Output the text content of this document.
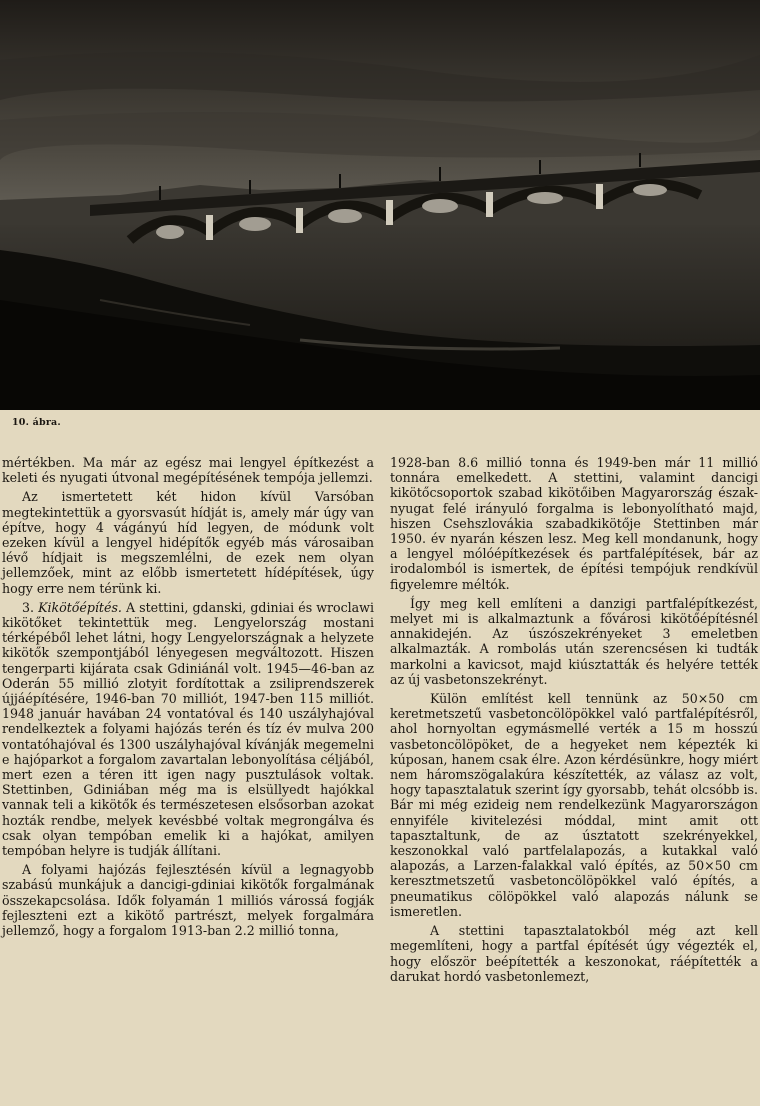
10. ábra.

mértékben. Ma már az egész mai lengyel építkezést a keleti és nyugati útvonal megépítésének tempója jellemzi.

Az ismertetett két hidon kívül Varsóban megtekintettük a gyorsvasút hídját is, amely már úgy van építve, hogy 4 vágányú híd legyen, de módunk volt ezeken kívül a lengyel hidépítők egyéb más városaiban lévő hídjait is megszemlélni, de ezek nem olyan jellemzőek, mint az előbb ismertetett hídépítések, úgy hogy erre nem térünk ki.

3. Kikötőépítés. A stettini, gdanski, gdiniai és wroclawi kikötőket tekintettük meg. Lengyelország mostani térképéből lehet látni, hogy Lengyelországnak a helyzete kikötők szempontjából lényegesen megváltozott. Hiszen tengerparti kijárata csak Gdiniánál volt. 1945—46-ban az Oderán 55 millió zlotyit fordítottak a zsiliprendszerek újjáépítésére, 1946-ban 70 milliót, 1947-ben 115 milliót. 1948 január havában 24 vontatóval és 140 uszályhajóval rendelkeztek a folyami hajózás terén és tíz év mulva 200 vontatóhajóval és 1300 uszályhajóval kívánják megemelni e hajóparkot a forgalom zavartalan lebonyolítása céljából, mert ezen a téren itt igen nagy pusztulások voltak. Stettinben, Gdiniában még ma is elsüllyedt hajókkal vannak teli a kikötők és természetesen elsősorban azokat hozták rendbe, melyek kevésbbé voltak megrongálva és csak olyan tempóban emelik ki a hajókat, amilyen tempóban helyre is tudják állítani.

A folyami hajózás fejlesztésén kívül a legnagyobb szabású munkájuk a dancigi-gdiniai kikötők forgalmának összekapcsolása. Idők folyamán 1 milliós várossá fogják fejleszteni ezt a kikötő partrészt, melyek forgalmára jellemző, hogy a forgalom 1913-ban 2.2 millió tonna,

1928-ban 8.6 millió tonna és 1949-ben már 11 millió tonnára emelkedett. A stettini, valamint dancigi kikötőcsoportok szabad kikötőiben Magyarország észak-nyugat felé irányuló forgalma is lebonyolítható majd, hiszen Csehszlovákia szabadkikötője Stettinben már 1950. év nyarán készen lesz. Meg kell mondanunk, hogy a lengyel mólóépítkezések és partfalépítések, bár az irodalomból is ismertek, de építési tempójuk rendkívül figyelemre méltók.

Így meg kell említeni a danzigi partfalépítkezést, melyet mi is alkalmaztunk a fővárosi kikötőépítésnél annakidején. Az úszószekrényeket 3 emeletben alkalmazták. A rombolás után szerencsésen ki tudták markolni a kavicsot, majd kiúsztatták és helyére tették az új vasbetonszekrényt.

Külön említést kell tennünk az 50×50 cm keretmetszetű vasbetoncölöpökkel való partfalépítésről, ahol hornyoltan egymásmellé verték a 15 m hosszú vasbetoncölöpöket, de a hegyeket nem képezték ki kúposan, hanem csak élre. Azon kérdésünkre, hogy miért nem háromszögalakúra készítették, az válasz az volt, hogy tapasztalatuk szerint így gyorsabb, tehát olcsóbb is. Bár mi még ezideig nem rendelkezünk Magyarországon ennyiféle kivitelezési móddal, mint amit ott tapasztaltunk, de az úsztatott szekrényekkel, keszonokkal való partfelalapozás, a kutakkal való alapozás, a Larzen-falakkal való építés, az 50×50 cm keresztmetszetű vasbetoncölöpökkel való építés, a pneumatikus cölöpökkel való alapozás nálunk se ismeretlen.

A stettini tapasztalatokból még azt kell megemlíteni, hogy a partfal építését úgy végezték el, hogy először beépítették a keszonokat, ráépítették a darukat hordó vasbetonlemezt,
